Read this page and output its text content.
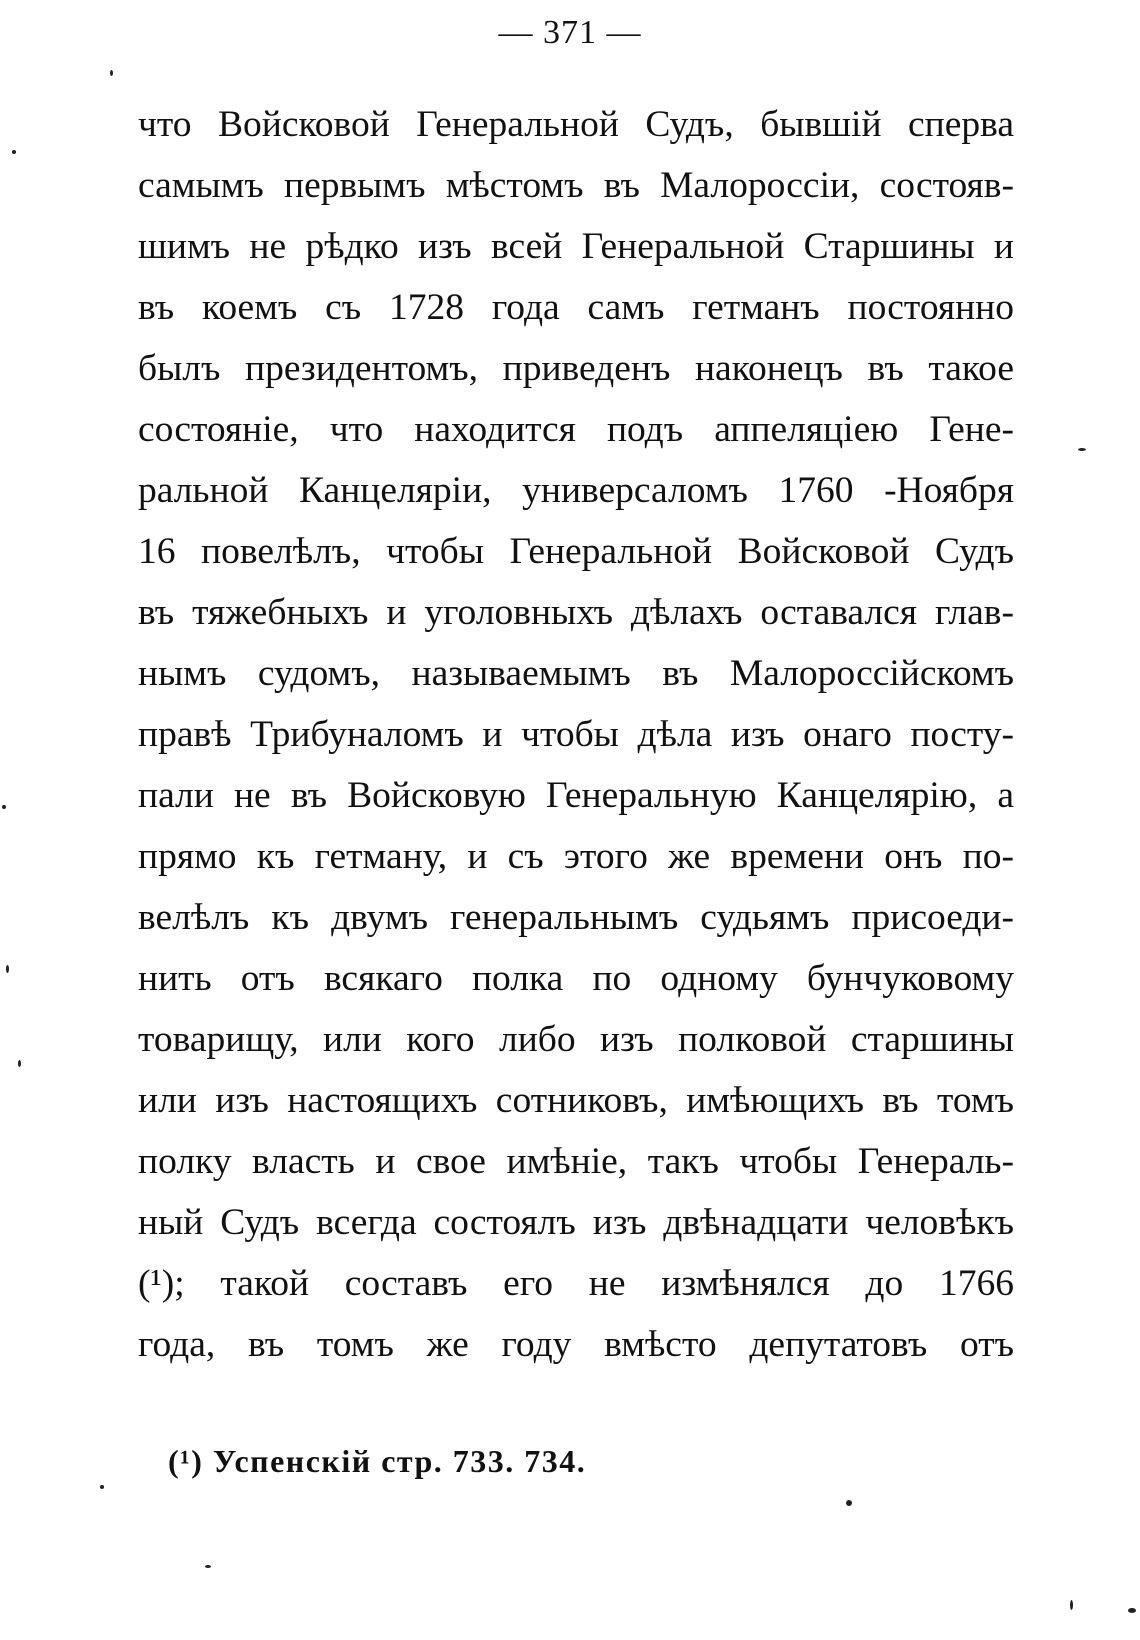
— 371 —
что Войсковой Генеральной Судъ, бывшій сперва
самымъ первымъ мѣстомъ въ Малороссіи, состояв-
шимъ не рѣдко изъ всей Генеральной Старшины и
въ коемъ съ 1728 года самъ гетманъ постоянно
былъ президентомъ, приведенъ наконецъ въ такое
состояніе, что находится подъ аппеляціею Гене-
ральной Канцеляріи, универсаломъ 1760 -Ноября
16 повелѣлъ, чтобы Генеральной Войсковой Судъ
въ тяжебныхъ и уголовныхъ дѣлахъ оставался глав-
нымъ судомъ, называемымъ въ Малороссійскомъ
правѣ Трибуналомъ и чтобы дѣла изъ онаго посту-
пали не въ Войсковую Генеральную Канцелярію, а
прямо къ гетману, и съ этого же времени онъ по-
велѣлъ къ двумъ генеральнымъ судьямъ присоеди-
нить отъ всякаго полка по одному бунчуковому
товарищу, или кого либо изъ полковой старшины
или изъ настоящихъ сотниковъ, имѣющихъ въ томъ
полку власть и свое имѣніе, такъ чтобы Генераль-
ный Судъ всегда состоялъ изъ двѣнадцати человѣкъ
(¹); такой составъ его не измѣнялся до 1766
года, въ томъ же году вмѣсто депутатовъ отъ
(¹) Успенскій стр. 733. 734.
